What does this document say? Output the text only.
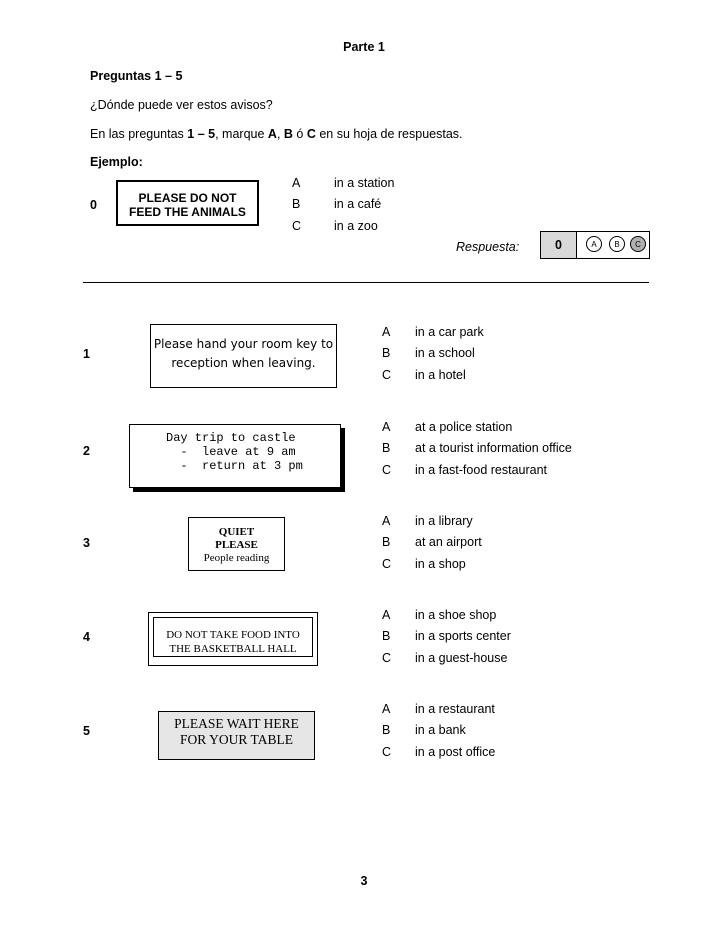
Parte 1
Preguntas 1 – 5
¿Dónde puede ver estos avisos?
En las preguntas 1 – 5, marque A, B ó C en su hoja de respuestas.
Ejemplo:
0	PLEASE DO NOT
FEED THE ANIMALS
A	in a station
B	in a café
C	in a zoo
Respuesta:	0	A	B	C
1
Please hand your room key to
reception when leaving.
A in a car park
B in a school
C in a hotel
2
Day trip to castle
-  leave at 9 am
-  return at 3 pm
A at a police station
B at a tourist information office
C in a fast-food restaurant
3
QUIET
PLEASE
People reading
A in a library
B at an airport
C in a shop
4	DO NOT TAKE FOOD INTO
THE BASKETBALL HALL
A in a shoe shop
B in a sports center
C in a guest-house
5	PLEASE WAIT HERE
FOR YOUR TABLE
A in a restaurant
B in a bank
C in a post office
3
